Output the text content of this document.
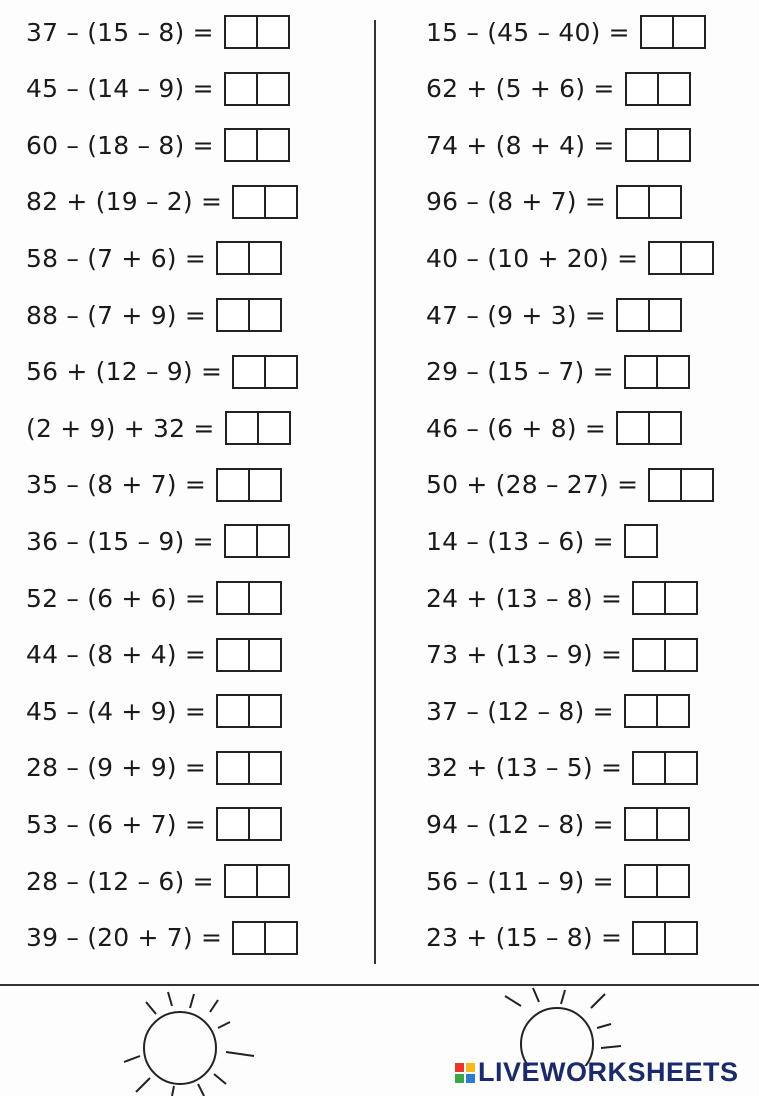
37 – (15 – 8) =
45 – (14 – 9) =
60 – (18 – 8) =
82 + (19 – 2) =
58 – (7 + 6) =
88 – (7 + 9) =
56 + (12 – 9) =
(2 + 9) + 32 =
35 – (8 + 7) =
36 – (15 – 9) =
52 – (6 + 6) =
44 – (8 + 4) =
45 – (4 + 9) =
28 – (9 + 9) =
53 – (6 + 7) =
28 – (12 – 6) =
39 – (20 + 7) =
15 – (45 – 40) =
62 + (5 + 6) =
74 + (8 + 4) =
96 – (8 + 7) =
40 – (10 + 20) =
47 – (9 + 3) =
29 – (15 – 7) =
46 – (6 + 8) =
50 + (28 – 27) =
14 – (13 – 6) =
24 + (13 – 8) =
73 + (13 – 9) =
37 – (12 – 8) =
32 + (13 – 5) =
94 – (12 – 8) =
56 – (11 – 9) =
23 + (15 – 8) =
LIVEWORKSHEETS
